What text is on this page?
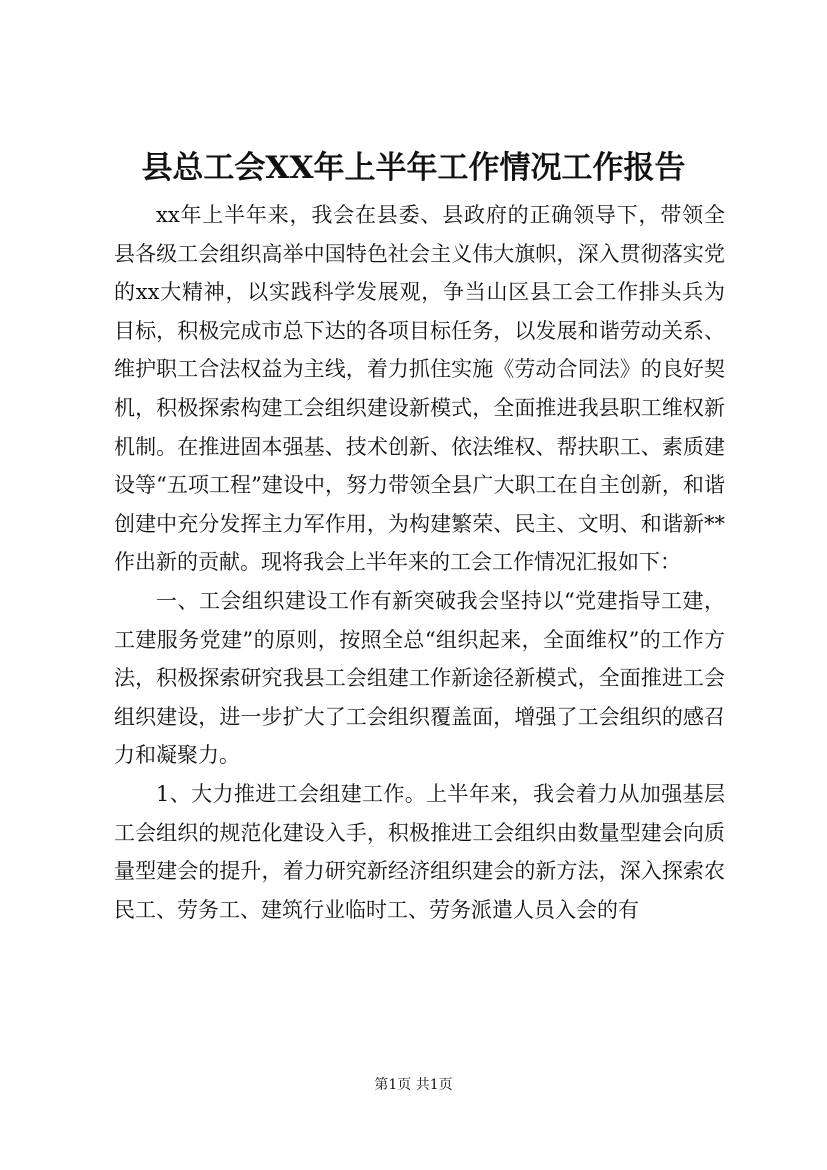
县总工会XX年上半年工作情况工作报告

xx年上半年来，我会在县委、县政府的正确领导下，带领全县各级工会组织高举中国特色社会主义伟大旗帜，深入贯彻落实党的xx大精神，以实践科学发展观，争当山区县工会工作排头兵为目标，积极完成市总下达的各项目标任务，以发展和谐劳动关系、维护职工合法权益为主线，着力抓住实施《劳动合同法》的良好契机，积极探索构建工会组织建设新模式，全面推进我县职工维权新机制。在推进固本强基、技术创新、依法维权、帮扶职工、素质建设等“五项工程”建设中，努力带领全县广大职工在自主创新，和谐创建中充分发挥主力军作用，为构建繁荣、民主、文明、和谐新**作出新的贡献。现将我会上半年来的工会工作情况汇报如下：

一、工会组织建设工作有新突破我会坚持以“党建指导工建，工建服务党建”的原则，按照全总“组织起来，全面维权”的工作方法，积极探索研究我县工会组建工作新途径新模式，全面推进工会组织建设，进一步扩大了工会组织覆盖面，增强了工会组织的感召力和凝聚力。

1、大力推进工会组建工作。上半年来，我会着力从加强基层工会组织的规范化建设入手，积极推进工会组织由数量型建会向质量型建会的提升，着力研究新经济组织建会的新方法，深入探索农民工、劳务工、建筑行业临时工、劳务派遣人员入会的有

第1页 共1页
